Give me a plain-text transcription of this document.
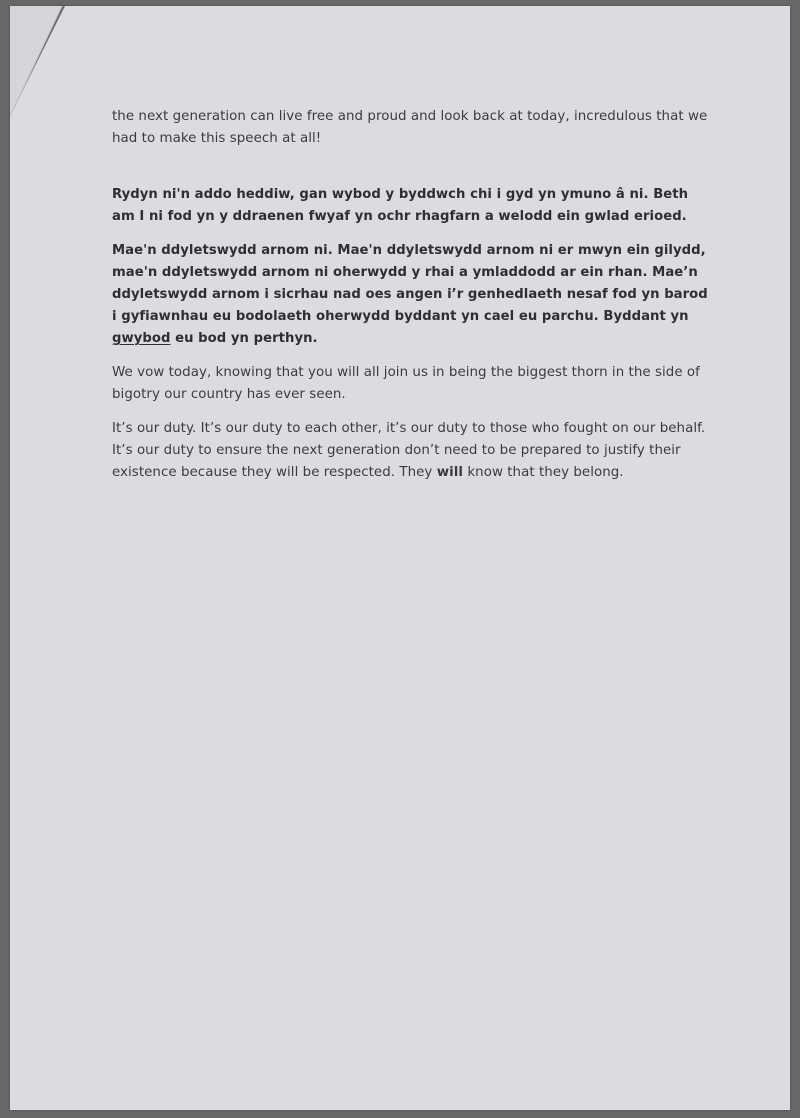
the next generation can live free and proud and look back at today, incredulous that we had to make this speech at all!

Rydyn ni'n addo heddiw, gan wybod y byddwch chi i gyd yn ymuno â ni. Beth am I ni fod yn y ddraenen fwyaf yn ochr rhagfarn a welodd ein gwlad erioed.

Mae'n ddyletswydd arnom ni. Mae'n ddyletswydd arnom ni er mwyn ein gilydd, mae'n ddyletswydd arnom ni oherwydd y rhai a ymladdodd ar ein rhan. Mae’n ddyletswydd arnom i sicrhau nad oes angen i’r genhedlaeth nesaf fod yn barod i gyfiawnhau eu bodolaeth oherwydd byddant yn cael eu parchu. Byddant yn gwybod eu bod yn perthyn.

We vow today, knowing that you will all join us in being the biggest thorn in the side of bigotry our country has ever seen.

It’s our duty. It’s our duty to each other, it’s our duty to those who fought on our behalf. It’s our duty to ensure the next generation don’t need to be prepared to justify their existence because they will be respected. They will know that they belong.
